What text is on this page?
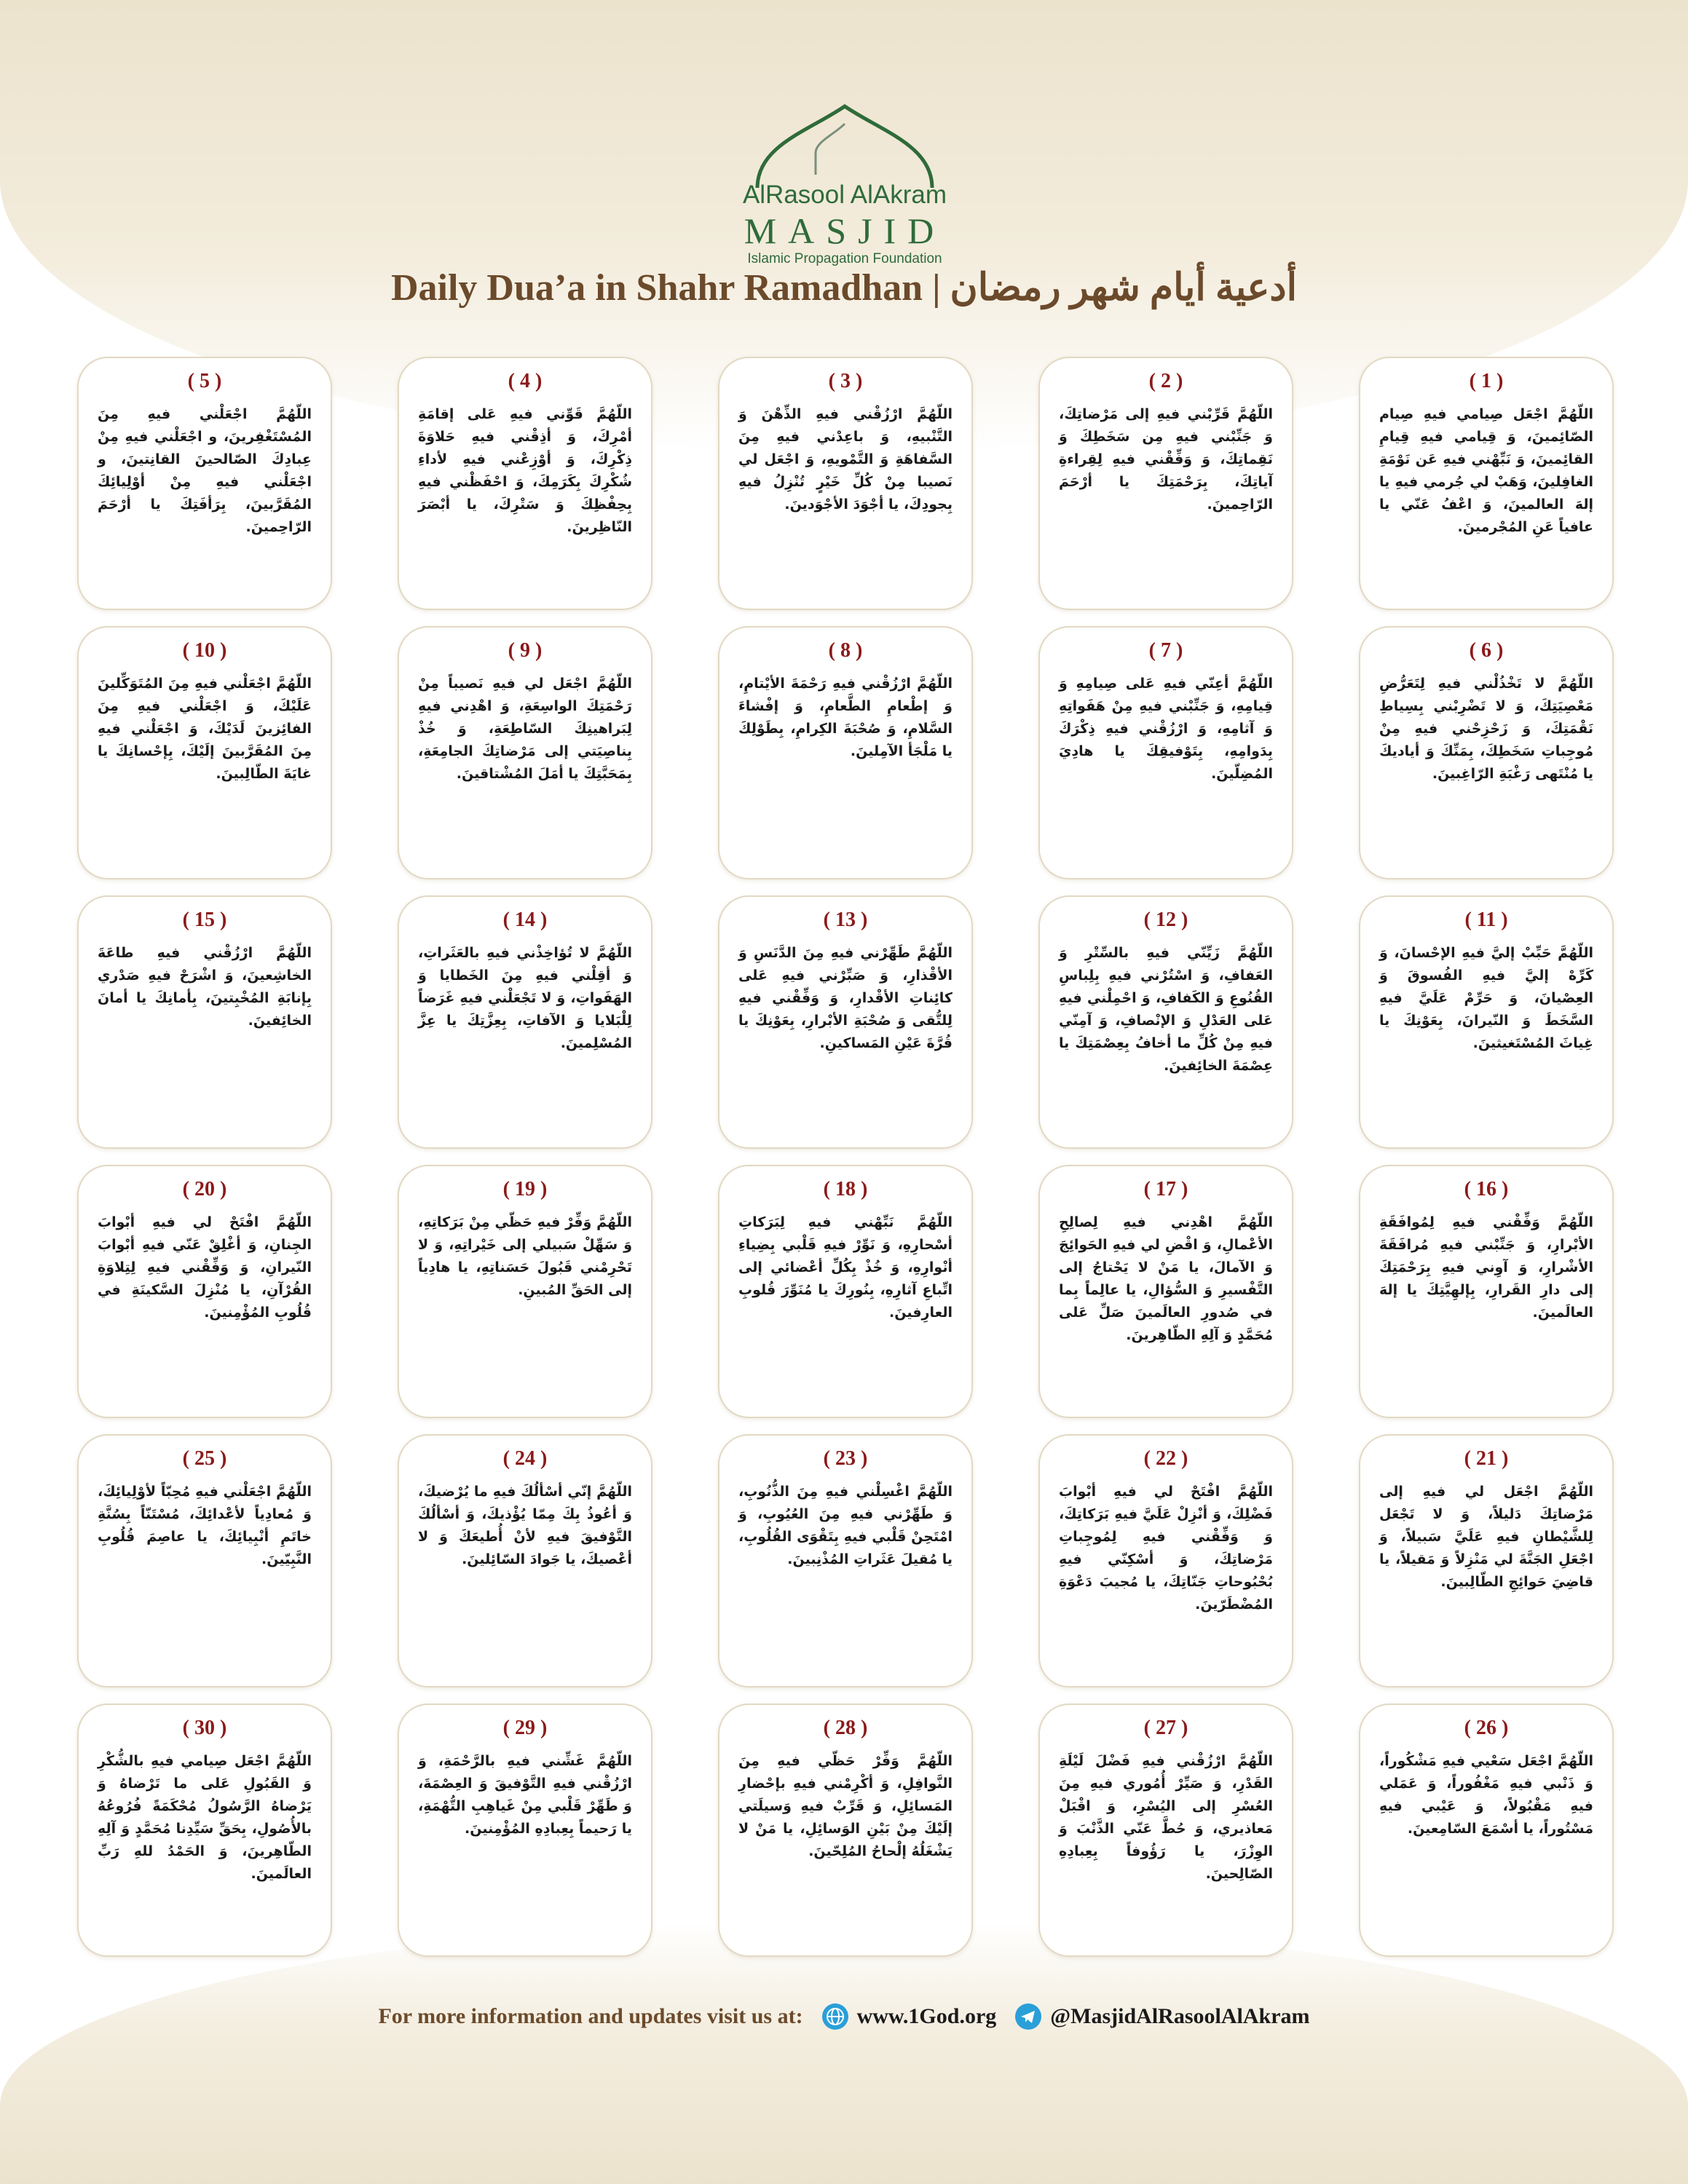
AlRasool AlAkram
MASJID
Islamic Propagation Foundation
Daily Dua’a in Shahr Ramadhan | أدعية أيام شهر رمضان
( 5 )
اللّهُمَّ اجْعَلْني فيهِ مِنَ المُسْتَغْفِرينَ، و اجْعَلْني فيهِ مِنْ عِبادِكَ الصّالحينَ القانِتينَ، و اجْعَلْني فيهِ مِنْ أوْلِيائِكَ المُقَرَّبينَ، بِرَأفَتِكَ يا أرْحَمَ الرّاحِمينَ.
( 4 )
اللّهُمَّ قَوِّني فيهِ عَلى إقامَةِ أمْرِكَ، وَ أذِقْني فيهِ حَلاوَةَ ذِكْرِكَ، وَ أوْزِعْني فيهِ لأداءِ شُكْرِكَ بِكَرَمِكَ، وَ احْفَظْني فيهِ بِحِفْظِكَ وَ سَتْرِكَ، يا أبْصَرَ النّاظِرينَ.
( 3 )
اللّهُمَّ ارْزُقْني فيهِ الذِّهْنَ وَ التَّنْبيهِ، وَ باعِدْني فيهِ مِنَ السَّفاهَةِ وَ التَّمْويهِ، وَ اجْعَل لي نَصيبا مِنْ كُلِّ خَيْرٍ تُنْزِلُ فيهِ بِجودِكَ، يا أجْوَدَ الأجْوَدينَ.
( 2 )
اللّهُمَّ قَرِّبْني فيهِ إلى مَرْضاتِكَ، وَ جَنِّبْني فيهِ مِن سَخَطِكَ وَ نَقِماتِكَ، وَ وَفِّقْني فيهِ لِقِراءةِ آياتِكَ، بِرَحْمَتِكَ يا أرْحَمَ الرّاحِمينَ.
( 1 )
اللّهُمَّ اجْعَل صِيامي فيهِ صِيام الصّائِمينَ، وَ قِيامي فيهِ قِيامِ القائِمينَ، وَ نَبِّهْني فيهِ عَن نَوْمَةِ الغافِلينَ، وَهَبْ لي جُرمي فيهِ يا إلهَ العالمينَ، وَ اعْفُ عَنّي يا عافياً عَنِ المُجْرمينَ.
( 10 )
اللّهُمَّ اجْعَلْني فيهِ مِنَ المُتَوَكِّلينَ عَلَيْكَ، وَ اجْعَلْني فيهِ مِنَ الفائِزينَ لَدَيْكَ، وَ اجْعَلْني فيهِ مِنَ المُقَرَّبينَ إلَيْكَ، بِإحْسانِكَ يا غايَةَ الطّالِبينَ.
( 9 )
اللّهُمَّ اجْعَل لي فيهِ نَصيباً مِنْ رَحْمَتِكَ الواسِعَةِ، وَ اهْدِني فيهِ لِبَراهينِكَ السّاطِعَةِ، وَ خُذْ بِناصِيَتي إلى مَرْضاتِكَ الجامِعَةِ، بِمَحَبَّتِكَ يا أمَلَ المُشْتاقينَ.
( 8 )
اللّهُمَّ ارْزُقْني فيهِ رَحْمَةَ الأيْتامِ، وَ إطْعامِ الطَّعامِ، وَ إفْشاءَ السَّلامِ، وَ صُحْبَةَ الكِرامِ، بِطَوْلِكَ يا مَلْجَأ الآمِلينَ.
( 7 )
اللّهُمَّ أعِنّي فيهِ عَلى صِيامِهِ وَ قِيامِهِ، وَ جَنِّبْني فيهِ مِنْ هَفَواتِهِ وَ آثامِهِ، وَ ارْزُقْني فيهِ ذِكْرَكَ بِدَوامِهِ، بِتَوْفيقِكَ يا هادِيَ المُضِلّينَ.
( 6 )
اللّهُمَّ لا تَخْذُلْني فيهِ لِتَعَرُّضِ مَعْصِيَتِكَ، وَ لا تَضْرِبْني بِسِياطِ نَقْمَتِكَ، وَ زَحْزِحْني فيهِ مِنْ مُوجِباتِ سَخَطِكَ، بِمَنِّكَ وَ أياديكَ يا مُنْتَهى رَغْبَةِ الرّاغِبينَ.
( 15 )
اللّهُمَّ ارْزُقْني فيهِ طاعَةَ الخاشِعينَ، وَ اشْرَحْ فيهِ صَدْري بِإنابَةِ المُخْبِتينَ، بِأمانِكَ يا أمانَ الخائِفينَ.
( 14 )
اللّهُمَّ لا تُؤاخِذْني فيهِ بالعَثَراتِ، وَ أقِلْني فيهِ مِنَ الخَطايا وَ الهَفَواتِ، وَ لا تَجْعَلْني فيهِ غَرَضاً لِلْبَلايا وَ الآفاتِ، بِعِزَّتِكَ يا عِزَّ المُسْلِمينَ.
( 13 )
اللّهُمَّ طَهِّرْني فيهِ مِنَ الدَّنَسِ وَ الأقْذارِ، وَ صَبِّرْني فيهِ عَلى كائِناتِ الأقْدارِ، وَ وَفِّقْني فيهِ لِلتُّقى وَ صُحْبَةِ الأبْرارِ، بِعَوْنِكَ يا قُرَّةَ عَيْنِ المَساكينِ.
( 12 )
اللّهُمَّ زَيِّنّي فيهِ بالسِّتْرِ وَ العَفافِ، وَ اسْتُرْني فيهِ بِلِباسِ القُنُوعِ وَ الكَفافِ، وَ احْمِلْني فيهِ عَلى العَدْلِ وَ الإنْصافِ، وَ آمِنّي فيهِ مِنْ كُلِّ ما أخافُ بِعِصْمَتِكَ يا عِصْمَةَ الخائِفينَ.
( 11 )
اللّهُمَّ حَبِّبْ إليَّ فيهِ الإحْسانَ، وَ كَرِّهْ إليَّ فيهِ الفُسوقَ وَ العِصْيانَ، وَ حَرِّمْ عَلَيَّ فيهِ السَّخَطَ وَ النّيرانَ، بِعَوْنِكَ يا غِياثَ المُسْتَغيثينَ.
( 20 )
اللّهُمَّ افْتَحْ لي فيهِ أبْوابَ الجِنانِ، وَ أغْلِقْ عَنّي فيهِ أبْوابَ النّيرانِ، وَ وَفِّقْني فيهِ لِتِلاوَةِ القُرْآنِ، يا مُنْزِلَ السَّكينَةِ في قُلُوبِ المُؤْمِنينَ.
( 19 )
اللّهُمَّ وَفِّرْ فيهِ حَظّي مِنْ بَرَكاتِهِ، وَ سَهِّلْ سَبيلي إلى خَيْراتِهِ، وَ لا تَحْرِمْني قَبُولَ حَسَناتِهِ، يا هادِياً إلى الحَقِّ المُبينِ.
( 18 )
اللّهُمَّ نَبِّهْني فيهِ لِبَرَكاتِ أسْحارِهِ، وَ نَوِّرْ فيهِ قَلْبي بِضِياءِ أنْوارِهِ، وَ خُذْ بِكُلِّ أعْضائي إلى اتِّباعِ آثارِهِ، بِنُورِكَ يا مُنَوِّرَ قُلوبِ العارِفينَ.
( 17 )
اللّهُمَّ اهْدِني فيهِ لِصالِحِ الأعْمالِ، وَ اقْضِ لي فيهِ الحَوائِجَ وَ الآمالَ، يا مَنْ لا يَحْتاجُ إلى التَّفْسيرِ وَ السُّؤالِ، يا عالِماً بِما في صُدورِ العالَمينَ صَلِّ عَلى مُحَمَّدٍ وَ آلِهِ الطّاهِرينَ.
( 16 )
اللّهُمَّ وَفِّقْني فيهِ لِمُوافَقَةِ الأبْرارِ، وَ جَنِّبْني فيهِ مُرافَقَةَ الأشْرارِ، وَ آوِني فيهِ بِرَحْمَتِكَ إلى دارِ القَرارِ، بِإلهِيَّتِكَ يا إلهَ العالَمينَ.
( 25 )
اللّهُمَّ اجْعَلْني فيهِ مُحِبّاً لأوْلِيائِكَ، وَ مُعادِياً لأعْدائِكَ، مُسْتَنّاً بِسُنَّةِ خاتَمِ أنْبِيائِكَ، يا عاصِمَ قُلُوبِ النَّبِيّينَ.
( 24 )
اللّهُمَّ إنّي أسْألُكَ فيهِ ما يُرْضيكَ، وَ أعُوذُ بِكَ مِمّا يُؤْذيكَ، وَ أسْألُكَ التَّوْفيقَ فيهِ لأنْ أُطيعَكَ وَ لا أعْصيكَ، يا جَوادَ السّائِلينَ.
( 23 )
اللّهُمَّ اغْسِلْني فيهِ مِنَ الذُّنُوبِ، وَ طَهِّرْني فيهِ مِنَ العُيُوبِ، وَ امْتَحِنْ قَلْبي فيهِ بِتَقْوَى القُلُوبِ، يا مُقيلَ عَثَراتِ المُذْنِبينَ.
( 22 )
اللّهُمَّ افْتَحْ لي فيهِ أبْوابَ فَضْلِكَ، وَ أنْزِلْ عَلَيَّ فيهِ بَرَكاتِكَ، وَ وَفِّقْني فيهِ لِمُوجِباتِ مَرْضاتِكَ، وَ أسْكِنّي فيهِ بُحْبُوحاتِ جَنّاتِكَ، يا مُجيبَ دَعْوَةِ المُضْطَرّينَ.
( 21 )
اللّهُمَّ اجْعَل لي فيهِ إلى مَرْضاتِكَ دَليلاً، وَ لا تَجْعَل لِلشَّيْطانِ فيهِ عَلَيَّ سَبيلاً، وَ اجْعَلِ الجَنَّةَ لي مَنْزِلاً وَ مَقيلاً، يا قاضِيَ حَوائِجِ الطّالِبينَ.
( 30 )
اللّهُمَّ اجْعَل صِيامي فيهِ بالشُّكْرِ وَ القَبُولِ عَلى ما تَرْضاهُ وَ يَرْضاهُ الرَّسُولُ مُحْكَمَةً فُرُوعُهُ بالأُصُولِ، بِحَقِّ سَيِّدِنا مُحَمَّدٍ وَ آلِهِ الطّاهِرينَ، وَ الحَمْدُ للهِ رَبِّ العالَمينَ.
( 29 )
اللّهُمَّ غَشِّني فيهِ بالرَّحْمَةِ، وَ ارْزُقْني فيهِ التَّوْفيقَ وَ العِصْمَةَ، وَ طَهِّرْ قَلْبي مِنْ غَياهِبِ التُّهْمَةِ، يا رَحيماً بِعِبادِهِ المُؤْمِنينَ.
( 28 )
اللّهُمَّ وَفِّرْ حَظّي فيهِ مِنَ النَّوافِلِ، وَ أكْرِمْني فيهِ بإحْضارِ المَسائِلِ، وَ قَرِّبْ فيهِ وَسيلَتي إلَيْكَ مِنْ بَيْنِ الوَسائِلِ، يا مَنْ لا يَشْغَلُهُ إلْحاحُ المُلِحّينَ.
( 27 )
اللّهُمَّ ارْزُقْني فيهِ فَضْلَ لَيْلَةِ القَدْرِ، وَ صَيِّرْ أُمُوري فيهِ مِنَ العُسْرِ إلى اليُسْرِ، وَ اقْبَلْ مَعاذيري، وَ حُطَّ عَنّي الذَّنْبَ وَ الوِزْرَ، يا رَؤُوفاً بِعِبادِهِ الصّالِحينَ.
( 26 )
اللّهُمَّ اجْعَل سَعْيي فيهِ مَشْكُوراً، وَ ذَنْبي فيهِ مَغْفُوراً، وَ عَمَلي فيهِ مَقْبُولاً، وَ عَيْبي فيهِ مَسْتُوراً، يا أسْمَعَ السّامِعينَ.
For more information and updates visit us at: www.1God.org @MasjidAlRasoolAlAkram
